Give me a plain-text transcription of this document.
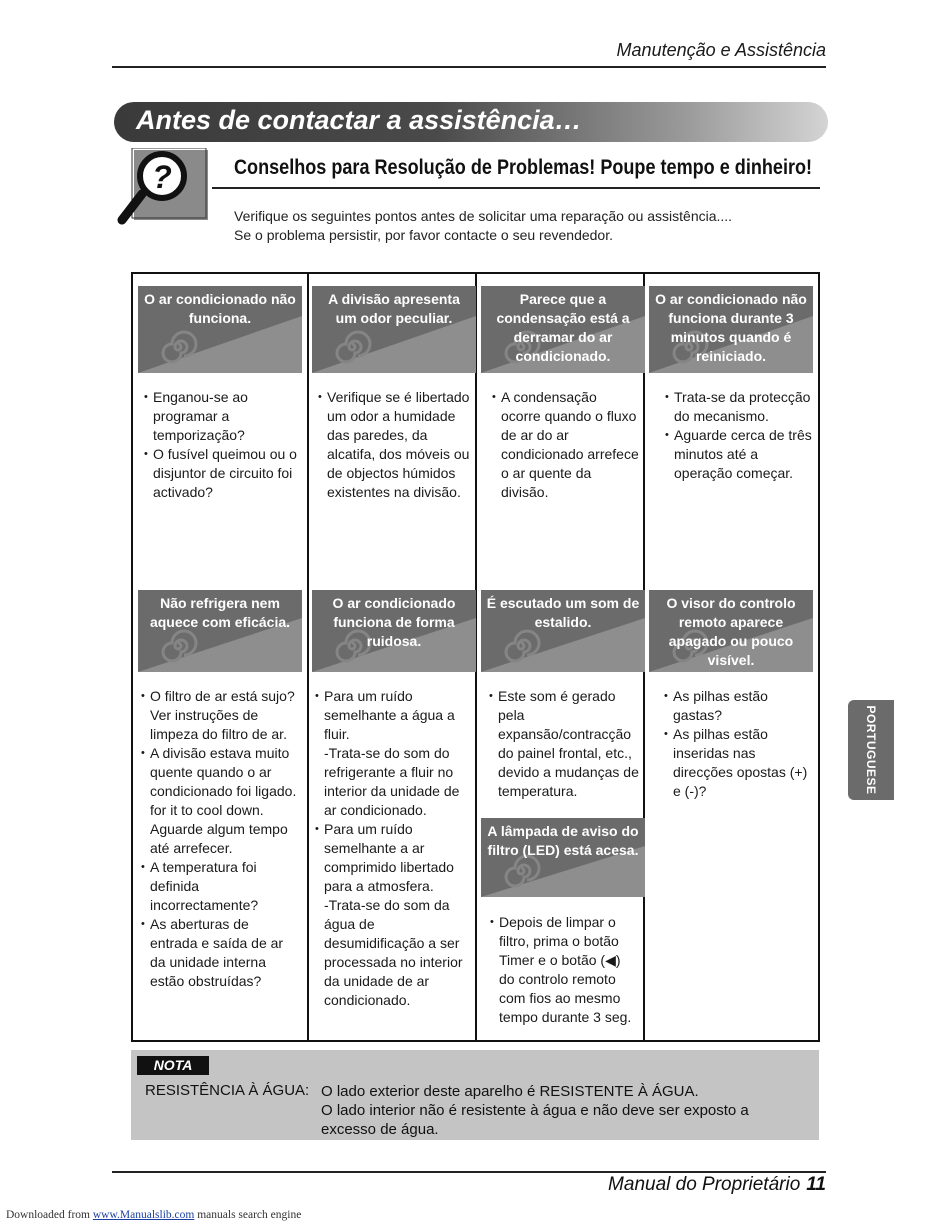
Manutenção e Assistência
Antes de contactar a assistência…
?	Conselhos para Resolução de Problemas! Poupe tempo e dinheiro!
Verifique os seguintes pontos antes de solicitar uma reparação ou assistência....
Se o problema persistir, por favor contacte o seu revendedor.
O ar condicionado não funciona.
A divisão apresenta um odor peculiar.
Parece que a condensação está a derramar do ar condicionado.
O ar condicionado não funciona durante 3 minutos quando é reiniciado.
• Enganou-se ao programar a temporização?
• O fusível queimou ou o disjuntor de circuito foi activado?
• Verifique se é libertado um odor a humidade das paredes, da alcatifa, dos móveis ou de objectos húmidos existentes na divisão.
• A condensação ocorre quando o fluxo de ar do ar condicionado arrefece o ar quente da divisão.
• Trata-se da protecção do mecanismo.
• Aguarde cerca de três minutos até a operação começar.
Não refrigera nem aquece com eficácia.
O ar condicionado funciona de forma ruidosa.
É escutado um som de estalido.
O visor do controlo remoto aparece apagado ou pouco visível.
• O filtro de ar está sujo? Ver instruções de limpeza do filtro de ar.
• A divisão estava muito quente quando o ar condicionado foi ligado. for it to cool down. Aguarde algum tempo até arrefecer.
• A temperatura foi definida incorrectamente?
• As aberturas de entrada e saída de ar da unidade interna estão obstruídas?
• Para um ruído semelhante a água a fluir.
-Trata-se do som do refrigerante a fluir no interior da unidade de ar condicionado.
• Para um ruído semelhante a ar comprimido libertado para a atmosfera.
-Trata-se do som da água de desumidificação a ser processada no interior da unidade de ar condicionado.
• Este som é gerado pela expansão/contracção do painel frontal, etc., devido a mudanças de temperatura.
A lâmpada de aviso do filtro (LED) está acesa.
• Depois de limpar o filtro, prima o botão Timer e o botão (◀) do controlo remoto com fios ao mesmo tempo durante 3 seg.
• As pilhas estão gastas?
• As pilhas estão inseridas nas direcções opostas (+) e (-)?	PORTUGUESE
NOTA
RESISTÊNCIA À ÁGUA: O lado exterior deste aparelho é RESISTENTE À ÁGUA.
O lado interior não é resistente à água e não deve ser exposto a excesso de água.
Manual do Proprietário 11
Downloaded from www.Manualslib.com manuals search engine
